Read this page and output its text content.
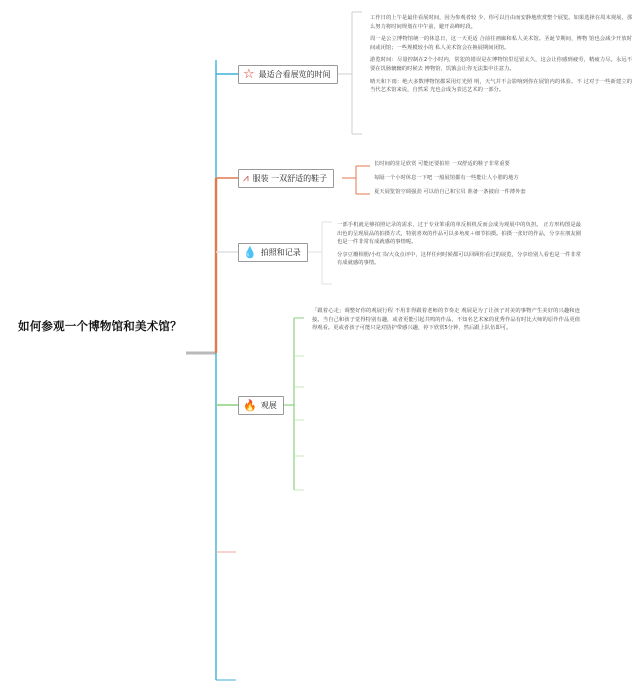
如何参观一个博物馆和美术馆？
☆ 最适合看展览的时间

工作日的上午是最佳看展时间，因为参观者较 少，你可以自由而安静地欣赏整个展览。如果选择在周末观展，那么努力将时间规划在中午前，避开高峰时段。

周一是公立博物馆统一的休息日，这一天更适 合前往画廊和私人美术馆。圣诞节期间，博物 馆也会减少开放时间或闭馆；一些规模较小的 私人美术馆会在换展期间闭馆。

游览时间：尽量控制在2个小时内，常犯的错误是在博物馆里逗留太久，这会让你感到疲劳，精疲力尽。永远不要在饥肠辘辘的时候去 博物馆，饥饿会让你无法集中注意力。

晴天和下雨：绝大多数博物馆都采用灯光照 明，天气并不会影响到你在展馆内的体验。不 过对于一些新建立的当代艺术馆来说，自然采 光也会成为表达艺术的一部分。

⩘ 服装 一双舒适的鞋子
长时间的驻足欣赏 可能还要拍娃 一双舒适的鞋子非常重要
每隔一个小时休息一下吧 一般展馆都有一些能让人小憩的地方
夏天展览馆空调强劲 可以给自己和宝贝 准备一条披肩一件薄外套
💧 拍照和记录

一部手机就足够拍照记录的需求，过于专业笨重的单反相机反而会成为观展中的负担。 正方形构图是最出色的呈现展品的拍摄方式，特别喜欢的作品可以多角度＋细节拍摄。拍摄一张好的作品，分享在朋友圈也是一件非常有成就感的事情呢。

分享豆瓣相册/小红书/大众点评中，这样任何时候都可以回顾你看过的展览，分享给别人看也是一件非常有成就感的事情。

🔥 观展

「跟着心走」调整好你的观展行程 不用非得跟着老师的节奏走 观展是为了让孩子对美的事物产生美好的兴趣和连接。当自己和孩子觉得特别有趣，或者更能引起共鸣的作品，不知名艺术家的优秀作品有时比大师的原作作品更值得观看。更或者孩子可能只是对肋护带感兴趣，停下欣赏5分钟，然后跟上队伍即可。
